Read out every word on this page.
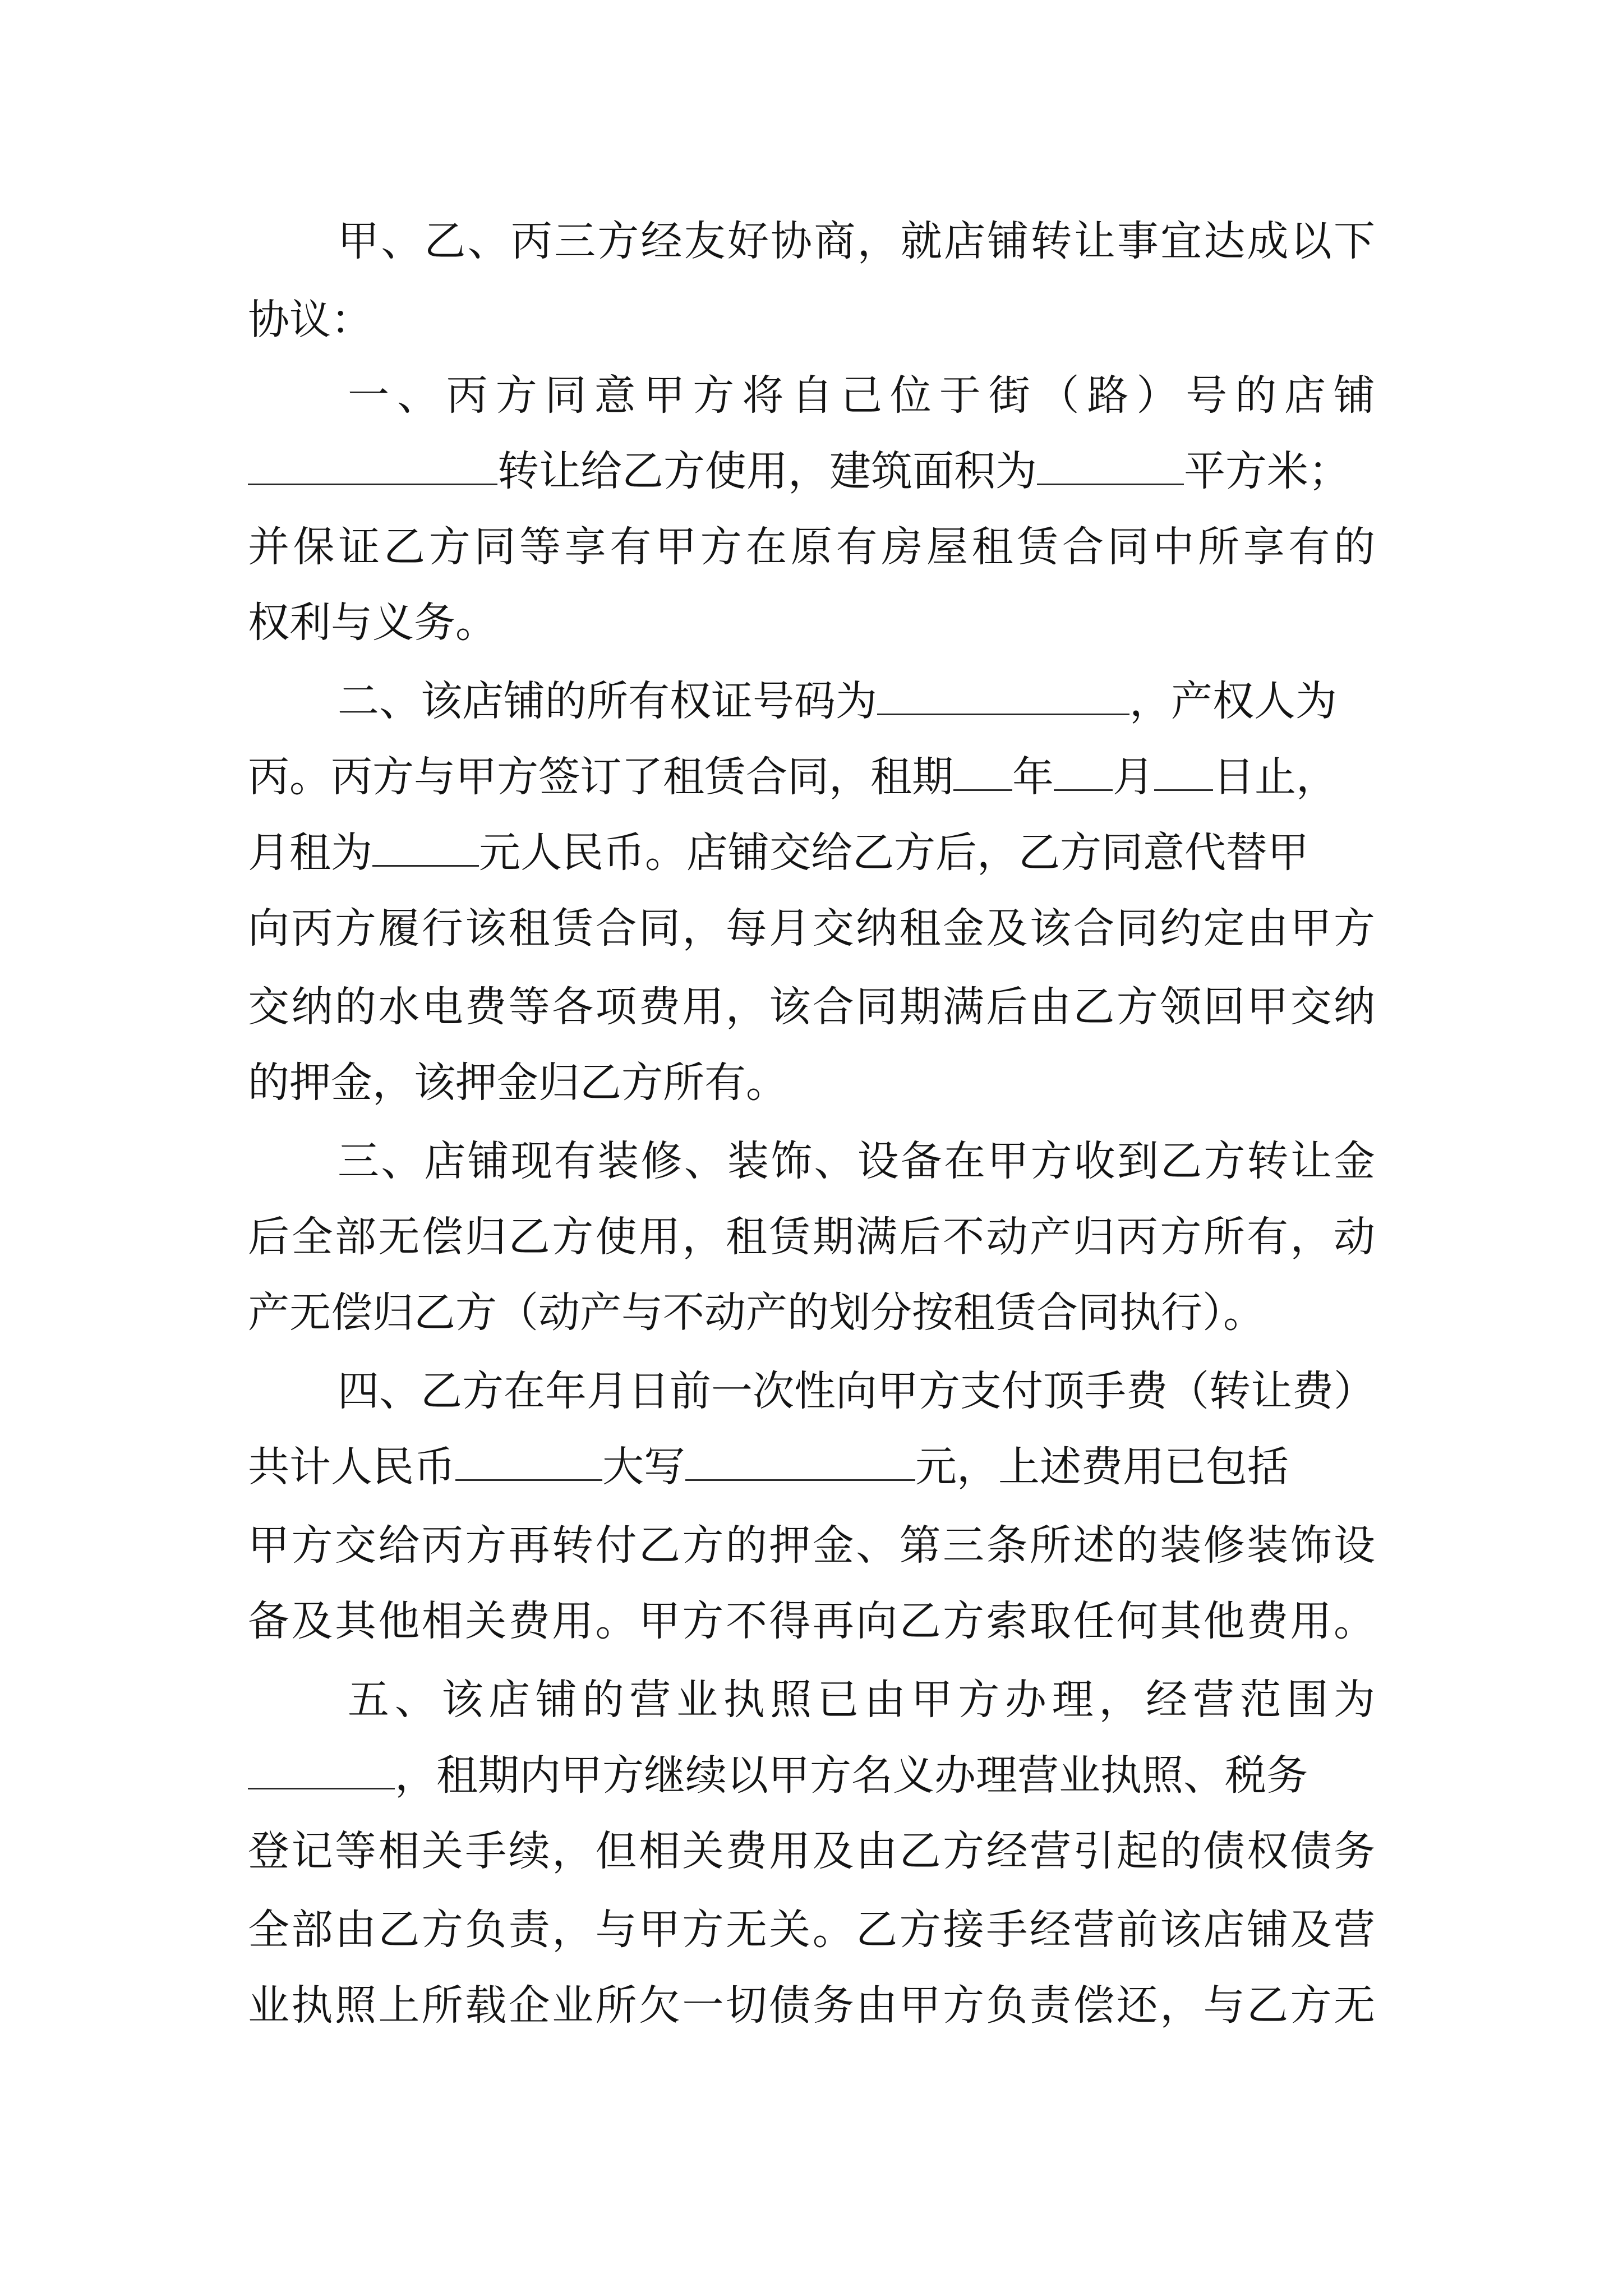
甲、乙、丙三方经友好协商，就店铺转让事宜达成以下
协议：
一、丙方同意甲方将自己位于街（路）号的店铺
转让给乙方使用，建筑面积为	平方米；
并保证乙方同等享有甲方在原有房屋租赁合同中所享有的
权利与义务。
二、该店铺的所有权证号码为	，产权人为
丙。丙方与甲方签订了租赁合同，租期 年 月 日止，
月租为	元人民币。店铺交给乙方后，乙方同意代替甲
向丙方履行该租赁合同，每月交纳租金及该合同约定由甲方
交纳的水电费等各项费用，该合同期满后由乙方领回甲交纳
的押金，该押金归乙方所有。
三、店铺现有装修、装饰、设备在甲方收到乙方转让金
后全部无偿归乙方使用，租赁期满后不动产归丙方所有，动
产无偿归乙方（动产与不动产的划分按租赁合同执行）。
四、乙方在年月日前一次性向甲方支付顶手费（转让费）
共计人民币	大写	元，上述费用已包括
甲方交给丙方再转付乙方的押金、第三条所述的装修装饰设
备及其他相关费用。甲方不得再向乙方索取任何其他费用。
五、该店铺的营业执照已由甲方办理，经营范围为
，租期内甲方继续以甲方名义办理营业执照、税务
登记等相关手续，但相关费用及由乙方经营引起的债权债务
全部由乙方负责，与甲方无关。乙方接手经营前该店铺及营
业执照上所载企业所欠一切债务由甲方负责偿还，与乙方无
